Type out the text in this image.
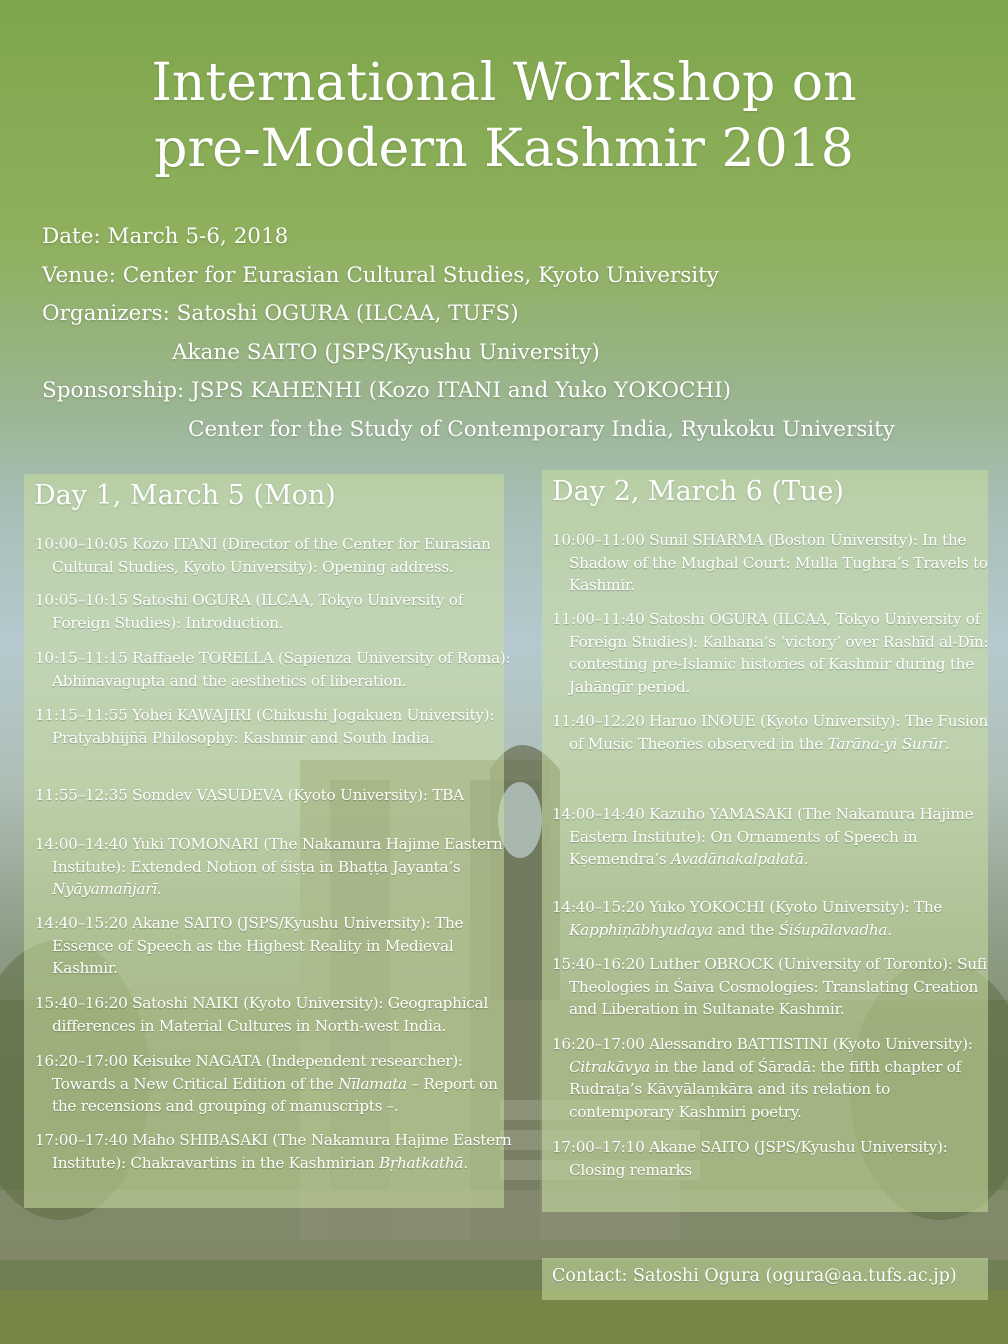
International Workshop on
pre-Modern Kashmir 2018
Date: March 5-6, 2018
Venue: Center for Eurasian Cultural Studies, Kyoto University
Organizers: Satoshi OGURA (ILCAA, TUFS)
Akane SAITO (JSPS/Kyushu University)
Sponsorship: JSPS KAHENHI (Kozo ITANI and Yuko YOKOCHI)
Center for the Study of Contemporary India, Ryukoku University
Day 1, March 5 (Mon)	Day 2, March 6 (Tue)
10:00–10:05 Kozo ITANI (Director of the Center for Eurasian Cultural Studies, Kyoto University): Opening address.
10:05–10:15 Satoshi OGURA (ILCAA, Tokyo University of Foreign Studies): Introduction.
10:15–11:15 Raffaele TORELLA (Sapienza University of Roma): Abhinavagupta and the aesthetics of liberation.
11:15–11:55 Yohei KAWAJIRI (Chikushi Jogakuen University): Pratyabhijñā Philosophy: Kashmir and South India.
11:55–12:35 Somdev VASUDEVA (Kyoto University): TBA
14:00–14:40 Yuki TOMONARI (The Nakamura Hajime Eastern Institute): Extended Notion of śiṣṭa in Bhaṭṭa Jayanta’s Nyāyamañjarī.
14:40–15:20 Akane SAITO (JSPS/Kyushu University): The Essence of Speech as the Highest Reality in Medieval Kashmir.
15:40–16:20 Satoshi NAIKI (Kyoto University): Geographical differences in Material Cultures in North-west India.
16:20–17:00 Keisuke NAGATA (Independent researcher): Towards a New Critical Edition of the Nīlamata – Report on the recensions and grouping of manuscripts –.
17:00–17:40 Maho SHIBASAKI (The Nakamura Hajime Eastern Institute): Chakravartins in the Kashmirian Bṛhatkathā.
10:00–11:00 Sunil SHARMA (Boston University): In the Shadow of the Mughal Court: Mulla Tughra’s Travels to Kashmir.
11:00–11:40 Satoshi OGURA (ILCAA, Tokyo University of Foreign Studies): Kalhaṇa’s ‘victory’ over Rashīd al-Dīn: contesting pre-Islamic histories of Kashmir during the Jahāngīr period.
11:40–12:20 Haruo INOUE (Kyoto University): The Fusion of Music Theories observed in the Tarāna-yi Surūr.
14:00–14:40 Kazuho YAMASAKI (The Nakamura Hajime Eastern Institute): On Ornaments of Speech in Kṣemendra’s Avadānakalpalatā.
14:40–15:20 Yuko YOKOCHI (Kyoto University): The Kapphiṇābhyudaya and the Śiśupālavadha.
15:40–16:20 Luther OBROCK (University of Toronto): Sufi Theologies in Śaiva Cosmologies: Translating Creation and Liberation in Sultanate Kashmir.
16:20–17:00 Alessandro BATTISTINI (Kyoto University): Citrakāvya in the land of Śāradā: the fifth chapter of Rudraṭa’s Kāvyālaṃkāra and its relation to contemporary Kashmiri poetry.
17:00–17:10 Akane SAITO (JSPS/Kyushu University): Closing remarks
Contact: Satoshi Ogura (ogura@aa.tufs.ac.jp)
